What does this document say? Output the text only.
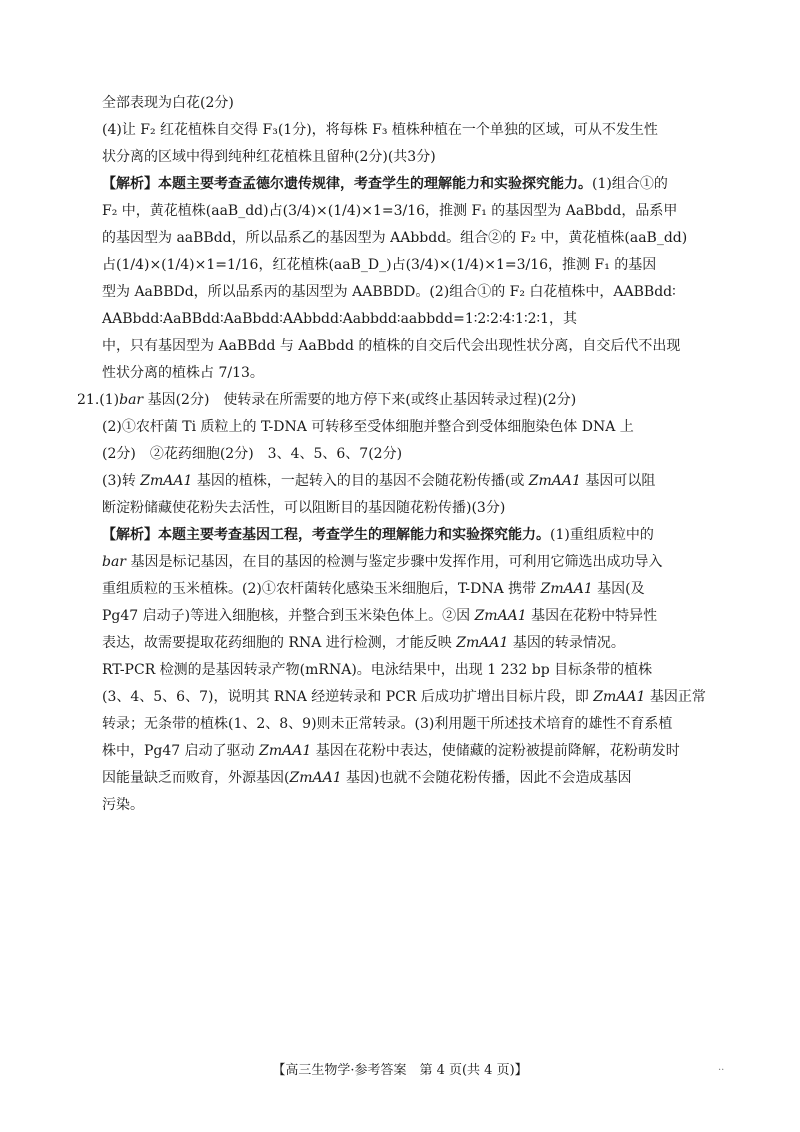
全部表现为白花(2分)
(4)让 F₂ 红花植株自交得 F₃(1分)，将每株 F₃ 植株种植在一个单独的区域，可从不发生性
状分离的区域中得到纯种红花植株且留种(2分)(共3分)
【解析】本题主要考查孟德尔遗传规律，考查学生的理解能力和实验探究能力。(1)组合①的
F₂ 中，黄花植株(aaB_dd)占(3/4)×(1/4)×1=3/16，推测 F₁ 的基因型为 AaBbdd，品系甲
的基因型为 aaBBdd，所以品系乙的基因型为 AAbbdd。组合②的 F₂ 中，黄花植株(aaB_dd)
占(1/4)×(1/4)×1=1/16，红花植株(aaB_D_)占(3/4)×(1/4)×1=3/16，推测 F₁ 的基因
型为 AaBBDd，所以品系丙的基因型为 AABBDD。(2)组合①的 F₂ 白花植株中，AABBdd∶
AABbdd∶AaBBdd∶AaBbdd∶AAbbdd∶Aabbdd∶aabbdd=1∶2∶2∶4∶1∶2∶1，其
中，只有基因型为 AaBBdd 与 AaBbdd 的植株的自交后代会出现性状分离，自交后代不出现
性状分离的植株占 7/13。
21.(1)bar 基因(2分)　使转录在所需要的地方停下来(或终止基因转录过程)(2分)
(2)①农杆菌 Ti 质粒上的 T-DNA 可转移至受体细胞并整合到受体细胞染色体 DNA 上
(2分)　②花药细胞(2分)　3、4、5、6、7(2分)
(3)转 ZmAA1 基因的植株，一起转入的目的基因不会随花粉传播(或 ZmAA1 基因可以阻
断淀粉储藏使花粉失去活性，可以阻断目的基因随花粉传播)(3分)
【解析】本题主要考查基因工程，考查学生的理解能力和实验探究能力。(1)重组质粒中的
bar 基因是标记基因，在目的基因的检测与鉴定步骤中发挥作用，可利用它筛选出成功导入
重组质粒的玉米植株。(2)①农杆菌转化感染玉米细胞后，T-DNA 携带 ZmAA1 基因(及
Pg47 启动子)等进入细胞核，并整合到玉米染色体上。②因 ZmAA1 基因在花粉中特异性
表达，故需要提取花药细胞的 RNA 进行检测，才能反映 ZmAA1 基因的转录情况。
RT-PCR 检测的是基因转录产物(mRNA)。电泳结果中，出现 1 232 bp 目标条带的植株
(3、4、5、6、7)，说明其 RNA 经逆转录和 PCR 后成功扩增出目标片段，即 ZmAA1 基因正常
转录；无条带的植株(1、2、8、9)则未正常转录。(3)利用题干所述技术培育的雄性不育系植
株中，Pg47 启动了驱动 ZmAA1 基因在花粉中表达，使储藏的淀粉被提前降解，花粉萌发时
因能量缺乏而败育，外源基因(ZmAA1 基因)也就不会随花粉传播，因此不会造成基因
污染。
【高三生物学·参考答案　第 4 页(共 4 页)】	..
